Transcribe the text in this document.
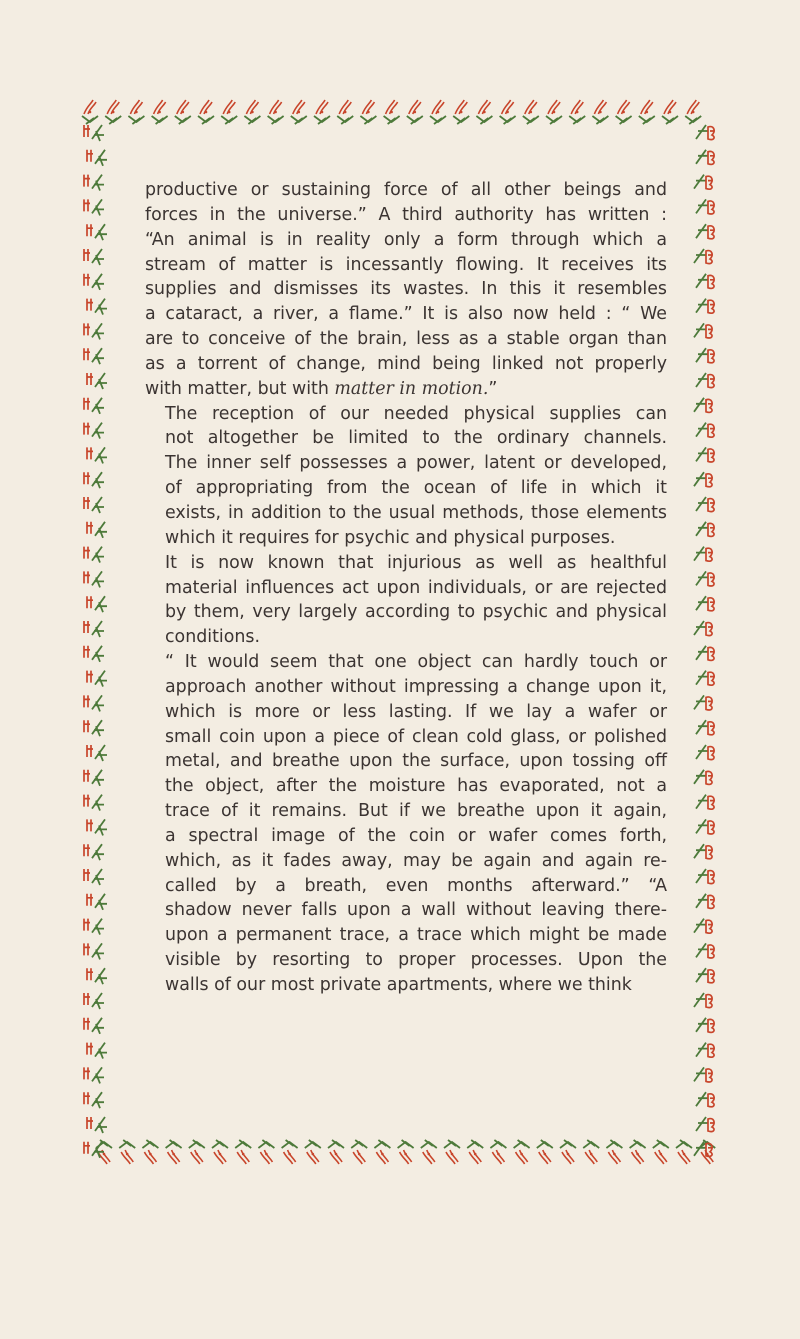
productive or sustaining force of all other beings and
forces in the universe.” A third authority has written :
“An animal is in reality only a form through which a
stream of matter is incessantly flowing. It receives its
supplies and dismisses its wastes. In this it resembles
a cataract, a river, a flame.” It is also now held : “ We
are to conceive of the brain, less as a stable organ than
as a torrent of change, mind being linked not properly
with matter, but with matter in motion.”
The reception of our needed physical supplies can
not altogether be limited to the ordinary channels.
The inner self possesses a power, latent or developed,
of appropriating from the ocean of life in which it
exists, in addition to the usual methods, those elements
which it requires for psychic and physical purposes.
It is now known that injurious as well as healthful
material influences act upon individuals, or are rejected
by them, very largely according to psychic and physical
conditions.
“ It would seem that one object can hardly touch or
approach another without impressing a change upon it,
which is more or less lasting. If we lay a wafer or
small coin upon a piece of clean cold glass, or polished
metal, and breathe upon the surface, upon tossing off
the object, after the moisture has evaporated, not a
trace of it remains. But if we breathe upon it again,
a spectral image of the coin or wafer comes forth,
which, as it fades away, may be again and again re-
called by a breath, even months afterward.” “A
shadow never falls upon a wall without leaving there-
upon a permanent trace, a trace which might be made
visible by resorting to proper processes. Upon the
walls of our most private apartments, where we think
